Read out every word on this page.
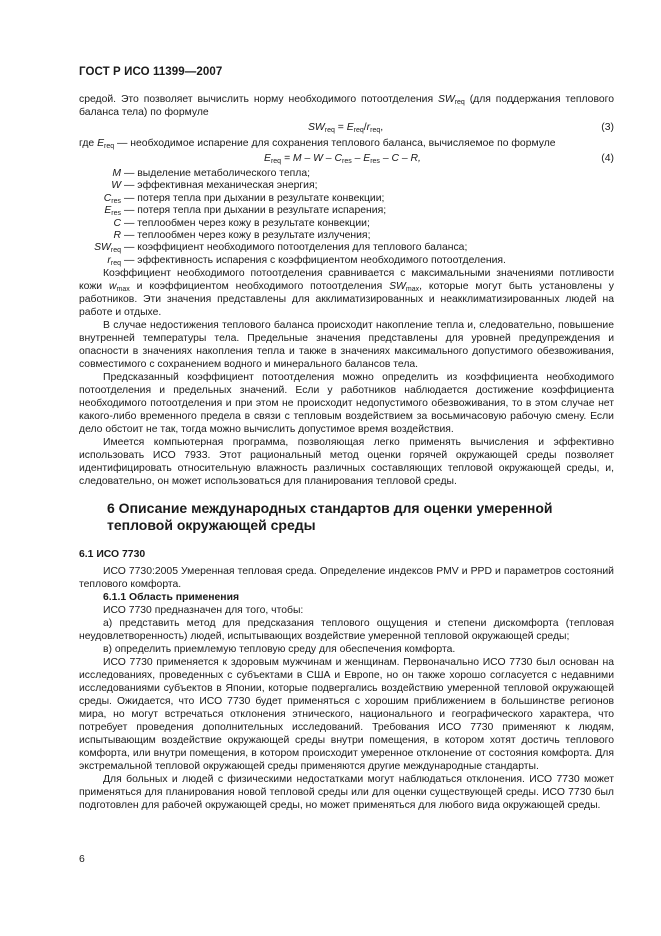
ГОСТ Р ИСО 11399—2007

средой. Это позволяет вычислить норму необходимого потоотделения $SW_{req}$ (для поддержания теплового баланса тела) по формуле

$SW_{req} = E_{req}/r_{req}$,	(3)

где $E_{req}$ — необходимое испарение для сохранения теплового баланса, вычисляемое по формуле

$E_{req} = M - W - C_{res} - E_{res} - C - R$,	(4)
M — выделение метаболического тепла;
W — эффективная механическая энергия;
$C_{res}$ — потеря тепла при дыхании в результате конвекции;
$E_{res}$ — потеря тепла при дыхании в результате испарения;
C — теплообмен через кожу в результате конвекции;
R — теплообмен через кожу в результате излучения;
$SW_{req}$ — коэффициент необходимого потоотделения для теплового баланса;
$r_{req}$ — эффективность испарения с коэффициентом необходимого потоотделения.

Коэффициент необходимого потоотделения сравнивается с максимальными значениями потливости кожи $w_{max}$ и коэффициентом необходимого потоотделения $SW_{max}$, которые могут быть установлены у работников. Эти значения представлены для акклиматизированных и неакклиматизированных людей на работе и отдыхе.

В случае недостижения теплового баланса происходит накопление тепла и, следовательно, повышение внутренней температуры тела. Предельные значения представлены для уровней предупреждения и опасности в значениях накопления тепла и также в значениях максимального допустимого обезвоживания, совместимого с сохранением водного и минерального балансов тела.

Предсказанный коэффициент потоотделения можно определить из коэффициента необходимого потоотделения и предельных значений. Если у работников наблюдается достижение коэффициента необходимого потоотделения и при этом не происходит недопустимого обезвоживания, то в этом случае нет какого-либо временного предела в связи с тепловым воздействием за восьмичасовую рабочую смену. Если дело обстоит не так, тогда можно вычислить допустимое время воздействия.

Имеется компьютерная программа, позволяющая легко применять вычисления и эффективно использовать ИСО 7933. Этот рациональный метод оценки горячей окружающей среды позволяет идентифицировать относительную влажность различных составляющих тепловой окружающей среды, и, следовательно, он может использоваться для планирования тепловой среды.

6 Описание международных стандартов для оценки умеренной тепловой окружающей среды
6.1 ИСО 7730

ИСО 7730:2005 Умеренная тепловая среда. Определение индексов PMV и PPD и параметров состояний теплового комфорта.

6.1.1 Область применения

ИСО 7730 предназначен для того, чтобы:

а) представить метод для предсказания теплового ощущения и степени дискомфорта (тепловая неудовлетворенность) людей, испытывающих воздействие умеренной тепловой окружающей среды;

в) определить приемлемую тепловую среду для обеспечения комфорта.

ИСО 7730 применяется к здоровым мужчинам и женщинам. Первоначально ИСО 7730 был основан на исследованиях, проведенных с субъектами в США и Европе, но он также хорошо согласуется с недавними исследованиями субъектов в Японии, которые подвергались воздействию умеренной тепловой окружающей среды. Ожидается, что ИСО 7730 будет применяться с хорошим приближением в большинстве регионов мира, но могут встречаться отклонения этнического, национального и географического характера, что потребует проведения дополнительных исследований. Требования ИСО 7730 применяют к людям, испытывающим воздействие окружающей среды внутри помещения, в котором хотят достичь теплового комфорта, или внутри помещения, в котором происходит умеренное отклонение от состояния комфорта. Для экстремальной тепловой окружающей среды применяются другие международные стандарты.

Для больных и людей с физическими недостатками могут наблюдаться отклонения. ИСО 7730 может применяться для планирования новой тепловой среды или для оценки существующей среды. ИСО 7730 был подготовлен для рабочей окружающей среды, но может применяться для любого вида окружающей среды.

6
